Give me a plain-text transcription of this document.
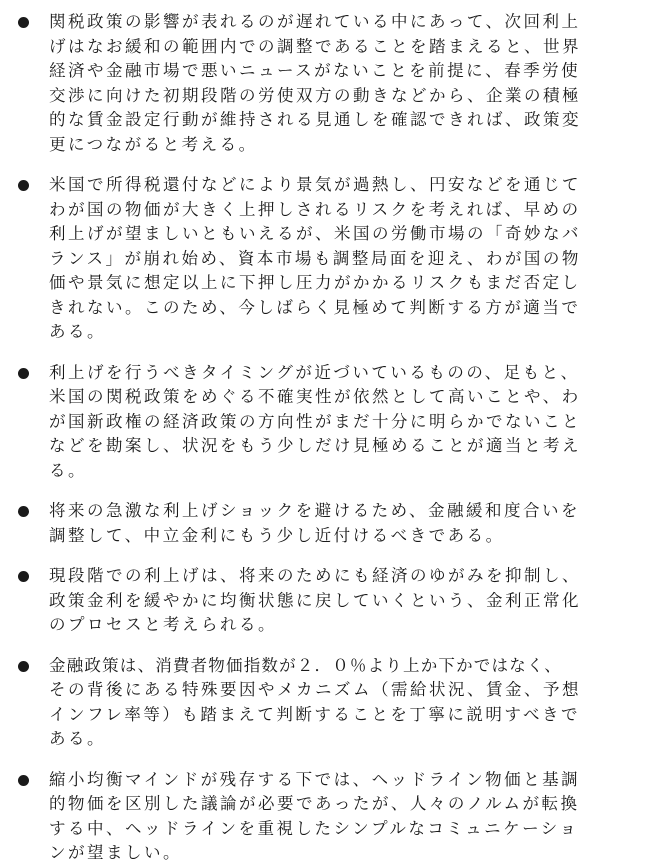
関税政策の影響が表れるのが遅れている中にあって、次回利上
げはなお緩和の範囲内での調整であることを踏まえると、世界
経済や金融市場で悪いニュースがないことを前提に、春季労使
交渉に向けた初期段階の労使双方の動きなどから、企業の積極
的な賃金設定行動が維持される見通しを確認できれば、政策変
更につながると考える。
米国で所得税還付などにより景気が過熱し、円安などを通じて
わが国の物価が大きく上押しされるリスクを考えれば、早めの
利上げが望ましいともいえるが、米国の労働市場の「奇妙なバ
ランス」が崩れ始め、資本市場も調整局面を迎え、わが国の物
価や景気に想定以上に下押し圧力がかかるリスクもまだ否定し
きれない。このため、今しばらく見極めて判断する方が適当で
ある。
利上げを行うべきタイミングが近づいているものの、足もと、
米国の関税政策をめぐる不確実性が依然として高いことや、わ
が国新政権の経済政策の方向性がまだ十分に明らかでないこと
などを勘案し、状況をもう少しだけ見極めることが適当と考え
る。
将来の急激な利上げショックを避けるため、金融緩和度合いを
調整して、中立金利にもう少し近付けるべきである。
現段階での利上げは、将来のためにも経済のゆがみを抑制し、
政策金利を緩やかに均衡状態に戻していくという、金利正常化
のプロセスと考えられる。
金融政策は、消費者物価指数が２．０％より上か下かではなく、
その背後にある特殊要因やメカニズム（需給状況、賃金、予想
インフレ率等）も踏まえて判断することを丁寧に説明すべきで
ある。
縮小均衡マインドが残存する下では、ヘッドライン物価と基調
的物価を区別した議論が必要であったが、人々のノルムが転換
する中、ヘッドラインを重視したシンプルなコミュニケーショ
ンが望ましい。
